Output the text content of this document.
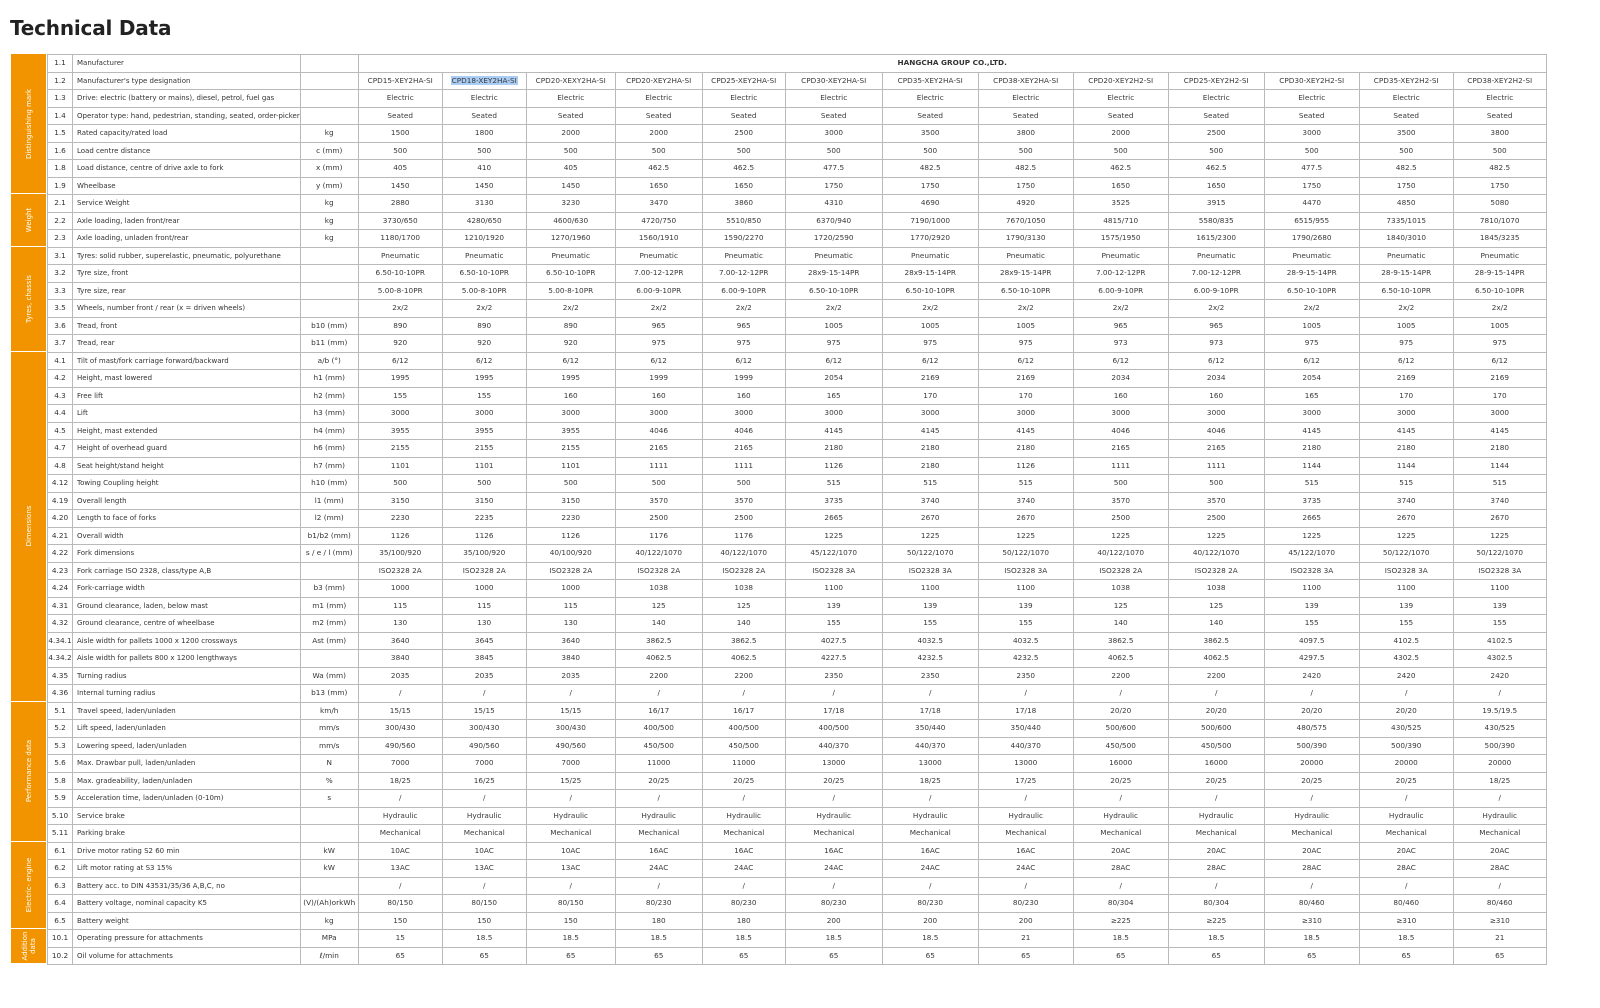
Technical Data
Distinguishing mark
Weight
Tyres, chassis
Dimensions
Performance data
Electric- engine
Addition data
1.1	Manufacturer		HANGCHA GROUP CO.,LTD.												
1.2	Manufacturer's type designation		CPD15-XEY2HA-SI	CPD18-XEY2HA-SI	CPD20-XEXY2HA-SI	CPD20-XEY2HA-SI	CPD25-XEY2HA-SI	CPD30-XEY2HA-SI	CPD35-XEY2HA-SI	CPD38-XEY2HA-SI	CPD20-XEY2H2-SI	CPD25-XEY2H2-SI	CPD30-XEY2H2-SI	CPD35-XEY2H2-SI	CPD38-XEY2H2-SI
1.3	Drive: electric (battery or mains), diesel, petrol, fuel gas		Electric	Electric	Electric	Electric	Electric	Electric	Electric	Electric	Electric	Electric	Electric	Electric	Electric
1.4	Operator type: hand, pedestrian, standing, seated, order-picker		Seated	Seated	Seated	Seated	Seated	Seated	Seated	Seated	Seated	Seated	Seated	Seated	Seated
1.5	Rated capacity/rated load	kg	1500	1800	2000	2000	2500	3000	3500	3800	2000	2500	3000	3500	3800
1.6	Load centre distance	c (mm)	500	500	500	500	500	500	500	500	500	500	500	500	500
1.8	Load distance, centre of drive axle to fork	x (mm)	405	410	405	462.5	462.5	477.5	482.5	482.5	462.5	462.5	477.5	482.5	482.5
1.9	Wheelbase	y (mm)	1450	1450	1450	1650	1650	1750	1750	1750	1650	1650	1750	1750	1750
2.1	Service Weight	kg	2880	3130	3230	3470	3860	4310	4690	4920	3525	3915	4470	4850	5080
2.2	Axle loading, laden front/rear	kg	3730/650	4280/650	4600/630	4720/750	5510/850	6370/940	7190/1000	7670/1050	4815/710	5580/835	6515/955	7335/1015	7810/1070
2.3	Axle loading, unladen front/rear	kg	1180/1700	1210/1920	1270/1960	1560/1910	1590/2270	1720/2590	1770/2920	1790/3130	1575/1950	1615/2300	1790/2680	1840/3010	1845/3235
3.1	Tyres: solid rubber, superelastic, pneumatic, polyurethane		Pneumatic	Pneumatic	Pneumatic	Pneumatic	Pneumatic	Pneumatic	Pneumatic	Pneumatic	Pneumatic	Pneumatic	Pneumatic	Pneumatic	Pneumatic
3.2	Tyre size, front		6.50-10-10PR	6.50-10-10PR	6.50-10-10PR	7.00-12-12PR	7.00-12-12PR	28x9-15-14PR	28x9-15-14PR	28x9-15-14PR	7.00-12-12PR	7.00-12-12PR	28-9-15-14PR	28-9-15-14PR	28-9-15-14PR
3.3	Tyre size, rear		5.00-8-10PR	5.00-8-10PR	5.00-8-10PR	6.00-9-10PR	6.00-9-10PR	6.50-10-10PR	6.50-10-10PR	6.50-10-10PR	6.00-9-10PR	6.00-9-10PR	6.50-10-10PR	6.50-10-10PR	6.50-10-10PR
3.5	Wheels, number front / rear (x = driven wheels)		2x/2	2x/2	2x/2	2x/2	2x/2	2x/2	2x/2	2x/2	2x/2	2x/2	2x/2	2x/2	2x/2
3.6	Tread, front	b10 (mm)	890	890	890	965	965	1005	1005	1005	965	965	1005	1005	1005
3.7	Tread, rear	b11 (mm)	920	920	920	975	975	975	975	975	973	973	975	975	975
4.1	Tilt of mast/fork carriage forward/backward	a/b (°)	6/12	6/12	6/12	6/12	6/12	6/12	6/12	6/12	6/12	6/12	6/12	6/12	6/12
4.2	Height, mast lowered	h1 (mm)	1995	1995	1995	1999	1999	2054	2169	2169	2034	2034	2054	2169	2169
4.3	Free lift	h2 (mm)	155	155	160	160	160	165	170	170	160	160	165	170	170
4.4	Lift	h3 (mm)	3000	3000	3000	3000	3000	3000	3000	3000	3000	3000	3000	3000	3000
4.5	Height, mast extended	h4 (mm)	3955	3955	3955	4046	4046	4145	4145	4145	4046	4046	4145	4145	4145
4.7	Height of overhead guard	h6 (mm)	2155	2155	2155	2165	2165	2180	2180	2180	2165	2165	2180	2180	2180
4.8	Seat height/stand height	h7 (mm)	1101	1101	1101	1111	1111	1126	2180	1126	1111	1111	1144	1144	1144
4.12	Towing Coupling height	h10 (mm)	500	500	500	500	500	515	515	515	500	500	515	515	515
4.19	Overall length	l1 (mm)	3150	3150	3150	3570	3570	3735	3740	3740	3570	3570	3735	3740	3740
4.20	Length to face of forks	l2 (mm)	2230	2235	2230	2500	2500	2665	2670	2670	2500	2500	2665	2670	2670
4.21	Overall width	b1/b2 (mm)	1126	1126	1126	1176	1176	1225	1225	1225	1225	1225	1225	1225	1225
4.22	Fork dimensions	s / e / l (mm)	35/100/920	35/100/920	40/100/920	40/122/1070	40/122/1070	45/122/1070	50/122/1070	50/122/1070	40/122/1070	40/122/1070	45/122/1070	50/122/1070	50/122/1070
4.23	Fork carriage ISO 2328, class/type A,B		ISO2328 2A	ISO2328 2A	ISO2328 2A	ISO2328 2A	ISO2328 2A	ISO2328 3A	ISO2328 3A	ISO2328 3A	ISO2328 2A	ISO2328 2A	ISO2328 3A	ISO2328 3A	ISO2328 3A
4.24	Fork-carriage width	b3 (mm)	1000	1000	1000	1038	1038	1100	1100	1100	1038	1038	1100	1100	1100
4.31	Ground clearance, laden, below mast	m1 (mm)	115	115	115	125	125	139	139	139	125	125	139	139	139
4.32	Ground clearance, centre of wheelbase	m2 (mm)	130	130	130	140	140	155	155	155	140	140	155	155	155
4.34.1	Aisle width for pallets 1000 x 1200 crossways	Ast (mm)	3640	3645	3640	3862.5	3862.5	4027.5	4032.5	4032.5	3862.5	3862.5	4097.5	4102.5	4102.5
4.34.2	Aisle width for pallets 800 x 1200 lengthways		3840	3845	3840	4062.5	4062.5	4227.5	4232.5	4232.5	4062.5	4062.5	4297.5	4302.5	4302.5
4.35	Turning radius	Wa (mm)	2035	2035	2035	2200	2200	2350	2350	2350	2200	2200	2420	2420	2420
4.36	Internal turning radius	b13 (mm)	/	/	/	/	/	/	/	/	/	/	/	/	/
5.1	Travel speed, laden/unladen	km/h	15/15	15/15	15/15	16/17	16/17	17/18	17/18	17/18	20/20	20/20	20/20	20/20	19.5/19.5
5.2	Lift speed, laden/unladen	mm/s	300/430	300/430	300/430	400/500	400/500	400/500	350/440	350/440	500/600	500/600	480/575	430/525	430/525
5.3	Lowering speed, laden/unladen	mm/s	490/560	490/560	490/560	450/500	450/500	440/370	440/370	440/370	450/500	450/500	500/390	500/390	500/390
5.6	Max. Drawbar pull, laden/unladen	N	7000	7000	7000	11000	11000	13000	13000	13000	16000	16000	20000	20000	20000
5.8	Max. gradeability, laden/unladen	%	18/25	16/25	15/25	20/25	20/25	20/25	18/25	17/25	20/25	20/25	20/25	20/25	18/25
5.9	Acceleration time, laden/unladen (0-10m)	s	/	/	/	/	/	/	/	/	/	/	/	/	/
5.10	Service brake		Hydraulic	Hydraulic	Hydraulic	Hydraulic	Hydraulic	Hydraulic	Hydraulic	Hydraulic	Hydraulic	Hydraulic	Hydraulic	Hydraulic	Hydraulic
5.11	Parking brake		Mechanical	Mechanical	Mechanical	Mechanical	Mechanical	Mechanical	Mechanical	Mechanical	Mechanical	Mechanical	Mechanical	Mechanical	Mechanical
6.1	Drive motor rating S2 60 min	kW	10AC	10AC	10AC	16AC	16AC	16AC	16AC	16AC	20AC	20AC	20AC	20AC	20AC
6.2	Lift motor rating at S3 15%	kW	13AC	13AC	13AC	24AC	24AC	24AC	24AC	24AC	28AC	28AC	28AC	28AC	28AC
6.3	Battery acc. to DIN 43531/35/36 A,B,C, no		/	/	/	/	/	/	/	/	/	/	/	/	/
6.4	Battery voltage, nominal capacity K5	(V)/(Ah)orkWh	80/150	80/150	80/150	80/230	80/230	80/230	80/230	80/230	80/304	80/304	80/460	80/460	80/460
6.5	Battery weight	kg	150	150	150	180	180	200	200	200	≥225	≥225	≥310	≥310	≥310
10.1	Operating pressure for attachments	MPa	15	18.5	18.5	18.5	18.5	18.5	18.5	21	18.5	18.5	18.5	18.5	21
10.2	Oil volume for attachments	ℓ/min	65	65	65	65	65	65	65	65	65	65	65	65	65
